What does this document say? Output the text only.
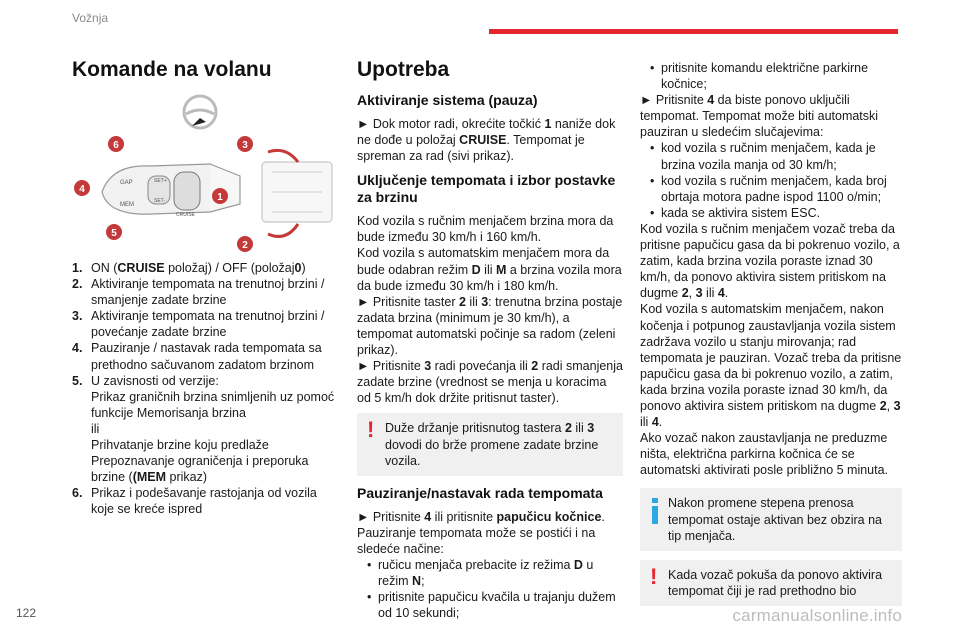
Vožnja
Komande na volanu
GAP
MEM
SET+
SET-
CRUISE
6
4
5
1
3
2
1. ON (CRUISE položaj) / OFF (položaj0)
2. Aktiviranje tempomata na trenutnoj brzini / smanjenje zadate brzine
3. Aktiviranje tempomata na trenutnoj brzini / povećanje zadate brzine
4. Pauziranje / nastavak rada tempomata sa prethodno sačuvanom zadatom brzinom
5. U zavisnosti od verzije:
Prikaz graničnih brzina snimljenih uz pomoć funkcije Memorisanja brzina
ili
Prihvatanje brzine koju predlaže Prepoznavanje ograničenja i preporuka brzine ((MEM prikaz)
6. Prikaz i podešavanje rastojanja od vozila koje se kreće ispred
Upotreba
Aktiviranje sistema (pauza)

► Dok motor radi, okrećite točkić 1 naniže dok ne dođe u položaj CRUISE. Tempomat je spreman za rad (sivi prikaz).

Uključenje tempomata i izbor postavke za brzinu

Kod vozila s ručnim menjačem brzina mora da bude između 30 km/h i 160 km/h.

Kod vozila s automatskim menjačem mora da bude odabran režim D ili M a brzina vozila mora da bude između 30 km/h i 180 km/h.

► Pritisnite taster 2 ili 3: trenutna brzina postaje zadata brzina (minimum je 30 km/h), a tempomat automatski počinje sa radom (zeleni prikaz).

► Pritisnite 3 radi povećanja ili 2 radi smanjenja zadate brzine (vrednost se menja u koracima od 5 km/h dok držite pritisnut taster).

! Duže držanje pritisnutog tastera 2 ili 3 dovodi do brže promene zadate brzine vozila.
Pauziranje/nastavak rada tempomata

► Pritisnite 4 ili pritisnite papučicu kočnice.

Pauziranje tempomata može se postići i na sledeće načine:

• ručicu menjača prebacite iz režima D u režim N;
• pritisnite papučicu kvačila u trajanju dužem od 10 sekundi;
• pritisnite komandu električne parkirne kočnice;

► Pritisnite 4 da biste ponovo uključili tempomat. Tempomat može biti automatski pauziran u sledećim slučajevima:

• kod vozila s ručnim menjačem, kada je brzina vozila manja od 30 km/h;
• kod vozila s ručnim menjačem, kada broj obrtaja motora padne ispod 1100 o/min;
• kada se aktivira sistem ESC.

Kod vozila s ručnim menjačem vozač treba da pritisne papučicu gasa da bi pokrenuo vozilo, a zatim, kada brzina vozila poraste iznad 30 km/h, da ponovo aktivira sistem pritiskom na dugme 2, 3 ili 4.

Kod vozila s automatskim menjačem, nakon kočenja i potpunog zaustavljanja vozila sistem zadržava vozilo u stanju mirovanja; rad tempomata je pauziran. Vozač treba da pritisne papučicu gasa da bi pokrenuo vozilo, a zatim, kada brzina vozila poraste iznad 30 km/h, da ponovo aktivira sistem pritiskom na dugme 2, 3 ili 4.

Ako vozač nakon zaustavljanja ne preduzme ništa, električna parkirna kočnica će se automatski aktivirati posle približno 5 minuta.

Nakon promene stepena prenosa tempomat ostaje aktivan bez obzira na tip menjača.
! Kada vozač pokuša da ponovo aktivira tempomat čiji je rad prethodno bio
122	carmanualsonline.info
